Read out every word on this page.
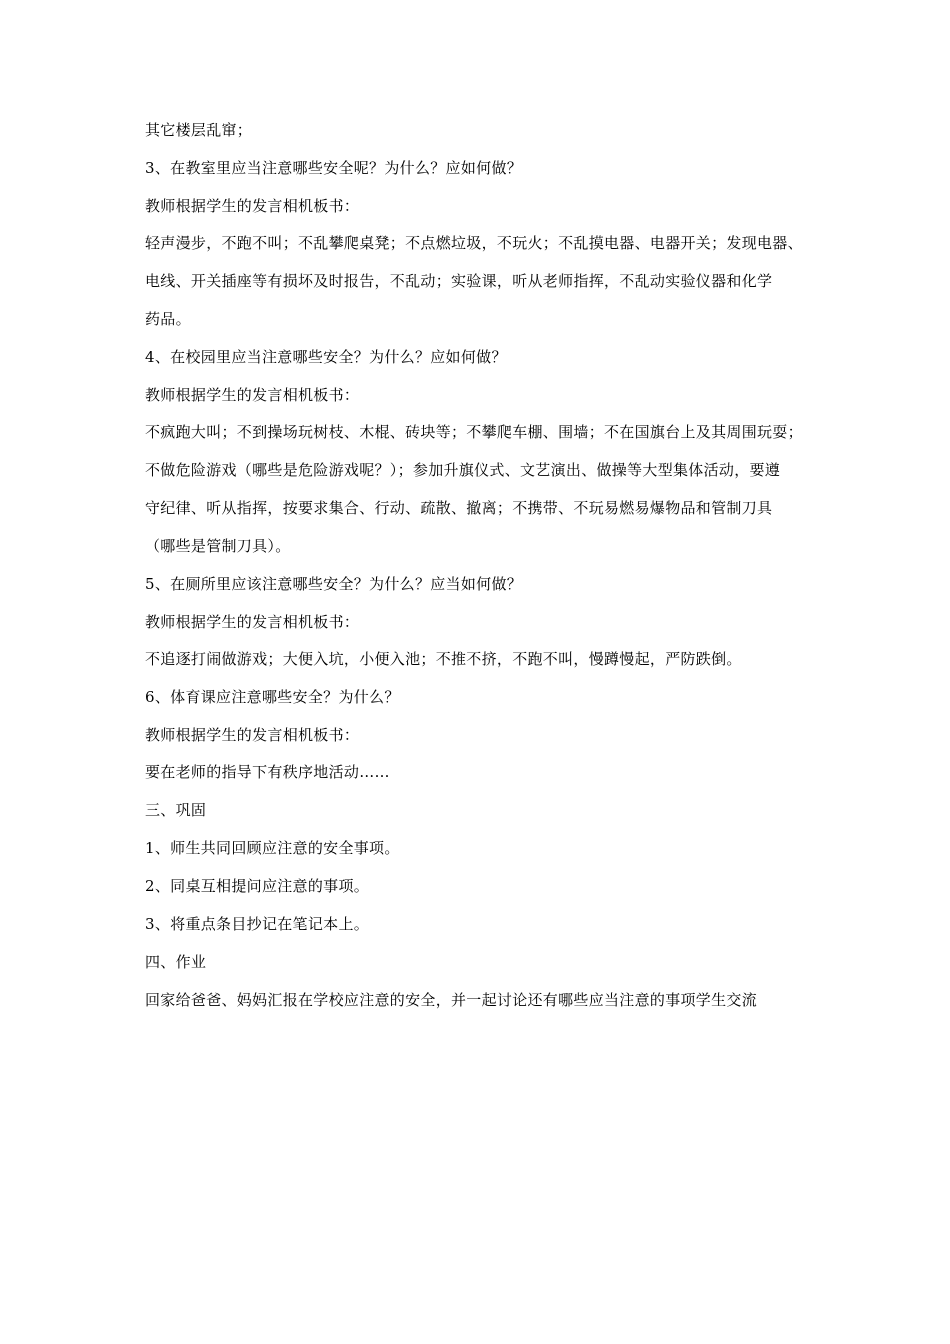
其它楼层乱窜；
3、在教室里应当注意哪些安全呢？为什么？应如何做？
教师根据学生的发言相机板书：
轻声漫步，不跑不叫；不乱攀爬桌凳；不点燃垃圾，不玩火；不乱摸电器、电器开关；发现电器、
电线、开关插座等有损坏及时报告，不乱动；实验课，听从老师指挥，不乱动实验仪器和化学
药品。
4、在校园里应当注意哪些安全？为什么？应如何做？
教师根据学生的发言相机板书：
不疯跑大叫；不到操场玩树枝、木棍、砖块等；不攀爬车棚、围墙；不在国旗台上及其周围玩耍；
不做危险游戏（哪些是危险游戏呢？）；参加升旗仪式、文艺演出、做操等大型集体活动，要遵
守纪律、听从指挥，按要求集合、行动、疏散、撤离；不携带、不玩易燃易爆物品和管制刀具
（哪些是管制刀具）。
5、在厕所里应该注意哪些安全？为什么？应当如何做？
教师根据学生的发言相机板书：
不追逐打闹做游戏；大便入坑，小便入池；不推不挤，不跑不叫，慢蹲慢起，严防跌倒。
6、体育课应注意哪些安全？为什么？
教师根据学生的发言相机板书：
要在老师的指导下有秩序地活动……
三、巩固
1、师生共同回顾应注意的安全事项。
2、同桌互相提问应注意的事项。
3、将重点条目抄记在笔记本上。
四、作业
回家给爸爸、妈妈汇报在学校应注意的安全，并一起讨论还有哪些应当注意的事项学生交流
